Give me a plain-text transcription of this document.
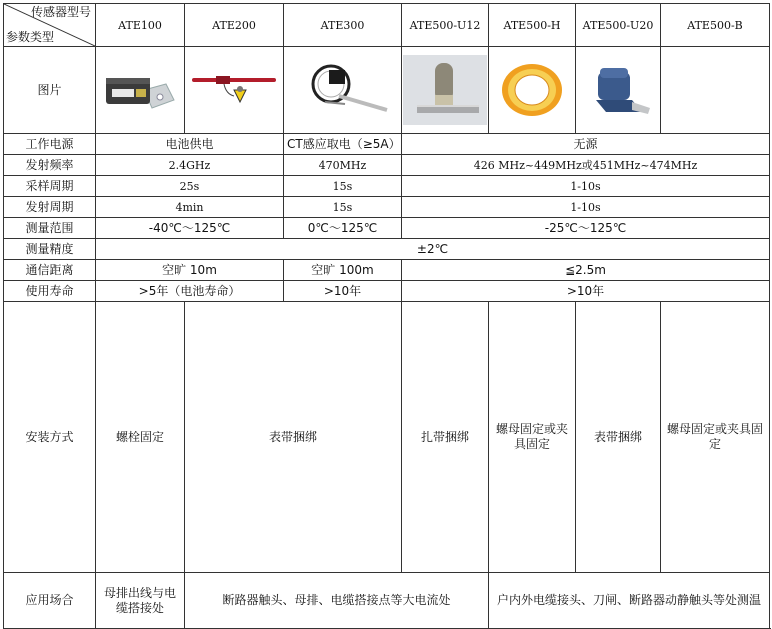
传感器型号
参数类型	ATE100	ATE200	ATE300	ATE500-U12	ATE500-H	ATE500-U20	ATE500-B	
图片	

工作电源	电池供电		CT感应取电（≥5A）	无源				
发射频率	2.4GHz		470MHz	426 MHz~449MHz或451MHz~474MHz				
采样周期	25s		15s	1-10s				
发射周期	4min		15s	1-10s				
测量范围	-40℃～125℃		0℃～125℃	-25℃～125℃				
测量精度	±2℃							
通信距离	空旷 10m		空旷 100m	≦2.5m				
使用寿命	>5年（电池寿命）		>10年	>10年				
安装方式	螺栓固定	表带捆绑		扎带捆绑	螺母固定或夹具固定	表带捆绑	螺母固定或夹具固定	
应用场合	母排出线与电缆搭接处	断路器触头、母排、电缆搭接点等大电流处			户内外电缆接头、刀闸、断路器动静触头等处测温			
